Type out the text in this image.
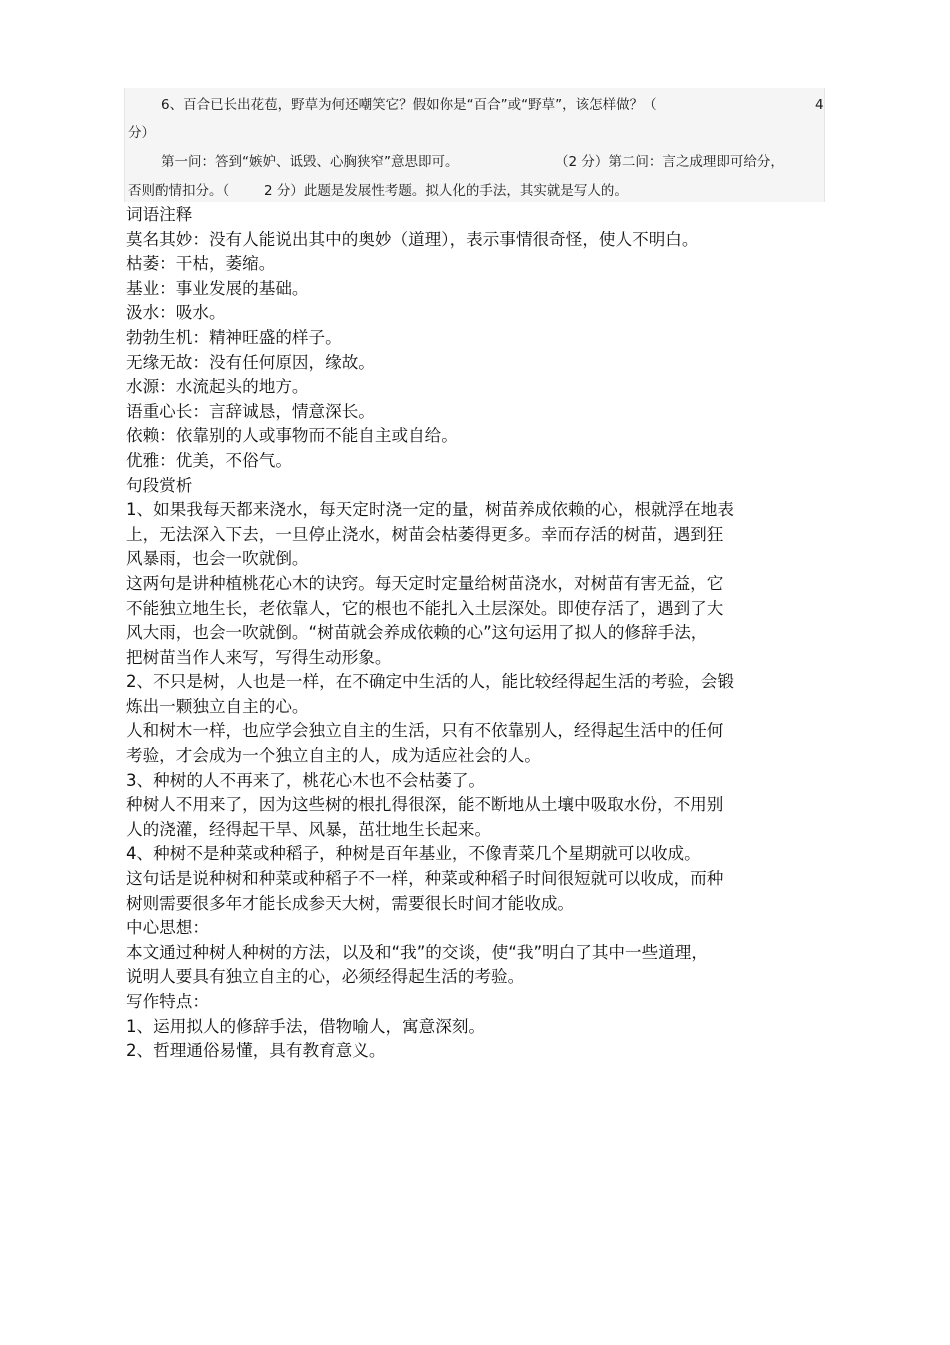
6、百合已长出花苞，野草为何还嘲笑它？假如你是“百合”或“野草”，该怎样做？（	4
分）
第一问：答到“嫉妒、诋毁、心胸狭窄”意思即可。	（2 分）第二问：言之成理即可给分，
否则酌情扣分。（	2 分）此题是发展性考题。拟人化的手法，其实就是写人的。

词语注释

莫名其妙：没有人能说出其中的奥妙（道理），表示事情很奇怪，使人不明白。

枯萎：干枯，萎缩。

基业：事业发展的基础。

汲水：吸水。

勃勃生机：精神旺盛的样子。

无缘无故：没有任何原因，缘故。

水源：水流起头的地方。

语重心长：言辞诚恳，情意深长。

依赖：依靠别的人或事物而不能自主或自给。

优雅：优美，不俗气。

句段赏析

1、如果我每天都来浇水，每天定时浇一定的量，树苗养成依赖的心，根就浮在地表

上，无法深入下去，一旦停止浇水，树苗会枯萎得更多。幸而存活的树苗，遇到狂

风暴雨，也会一吹就倒。

这两句是讲种植桃花心木的诀窍。每天定时定量给树苗浇水，对树苗有害无益，它

不能独立地生长，老依靠人，它的根也不能扎入土层深处。即使存活了，遇到了大

风大雨，也会一吹就倒。“树苗就会养成依赖的心”这句运用了拟人的修辞手法，

把树苗当作人来写，写得生动形象。

2、不只是树，人也是一样，在不确定中生活的人，能比较经得起生活的考验，会锻

炼出一颗独立自主的心。

人和树木一样，也应学会独立自主的生活，只有不依靠别人，经得起生活中的任何

考验，才会成为一个独立自主的人，成为适应社会的人。

3、种树的人不再来了，桃花心木也不会枯萎了。

种树人不用来了，因为这些树的根扎得很深，能不断地从土壤中吸取水份，不用别

人的浇灌，经得起干旱、风暴，茁壮地生长起来。

4、种树不是种菜或种稻子，种树是百年基业，不像青菜几个星期就可以收成。

这句话是说种树和种菜或种稻子不一样，种菜或种稻子时间很短就可以收成，而种

树则需要很多年才能长成参天大树，需要很长时间才能收成。

中心思想：

本文通过种树人种树的方法，以及和“我”的交谈，使“我”明白了其中一些道理，

说明人要具有独立自主的心，必须经得起生活的考验。

写作特点：

1、运用拟人的修辞手法，借物喻人，寓意深刻。

2、哲理通俗易懂，具有教育意义。
